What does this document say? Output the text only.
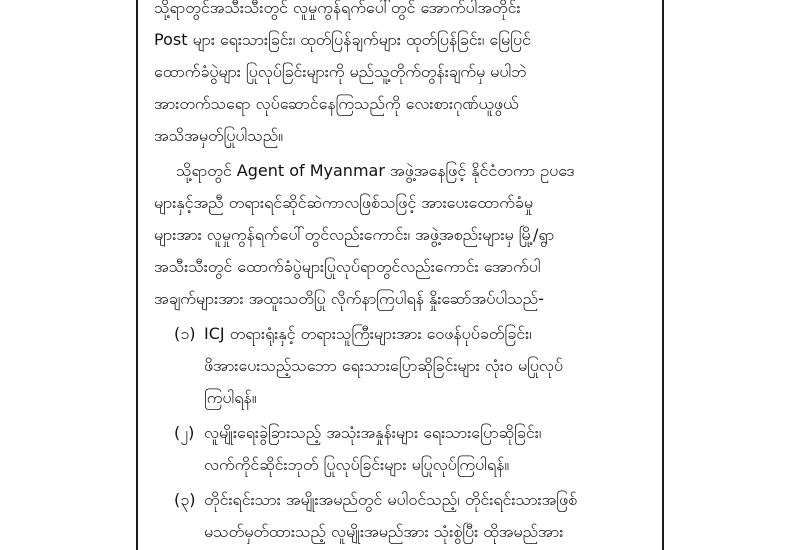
သို့ရာတွင်အသီးသီးတွင် လူမှုကွန်ရက်ပေါ်တွင် အောက်ပါအတိုင်း
Post များ ရေးသားခြင်း၊ ထုတ်ပြန်ချက်များ ထုတ်ပြန်ခြင်း၊ မြေပြင်
ထောက်ခံပွဲများ ပြုလုပ်ခြင်းများကို မည်သူ့တိုက်တွန်းချက်မှ မပါဘဲ
အားတက်သရော လုပ်ဆောင်နေကြသည်ကို လေးစားဂုဏ်ယူဖွယ်
အသိအမှတ်ပြုပါသည်။

သို့ရာတွင် Agent of Myanmar အဖွဲ့အနေဖြင့် နိုင်ငံတကာ ဥပဒေ
များနှင့်အညီ တရားရင်ဆိုင်ဆဲကာလဖြစ်သဖြင့် အားပေးထောက်ခံမှု
များအား လူမှုကွန်ရက်ပေါ်တွင်လည်းကောင်း၊ အဖွဲ့အစည်းများမှ မြို့/ရွာ
အသီးသီးတွင် ထောက်ခံပွဲများပြုလုပ်ရာတွင်လည်းကောင်း အောက်ပါ
အချက်များအား အထူးသတိပြု လိုက်နာကြပါရန် နှိုးဆော်အပ်ပါသည်-

(၁) ICJ တရားရုံးနှင့် တရားသူကြီးများအား ဝေဖန်ပုပ်ခတ်ခြင်း၊
ဖိအားပေးသည့်သဘော ရေးသားပြောဆိုခြင်းများ လုံးဝ မပြုလုပ်
ကြပါရန်။
(၂) လူမျိုးရေးခွဲခြားသည့် အသုံးအနှုန်းများ ရေးသားပြောဆိုခြင်း၊
လက်ကိုင်ဆိုင်းဘုတ် ပြုလုပ်ခြင်းများ မပြုလုပ်ကြပါရန်။
(၃) တိုင်းရင်းသား အမျိုးအမည်တွင် မပါဝင်သည့်၊ တိုင်းရင်းသားအဖြစ်
မသတ်မှတ်ထားသည့် လူမျိုးအမည်အား သုံးစွဲပြီး ထိုအမည်အား
